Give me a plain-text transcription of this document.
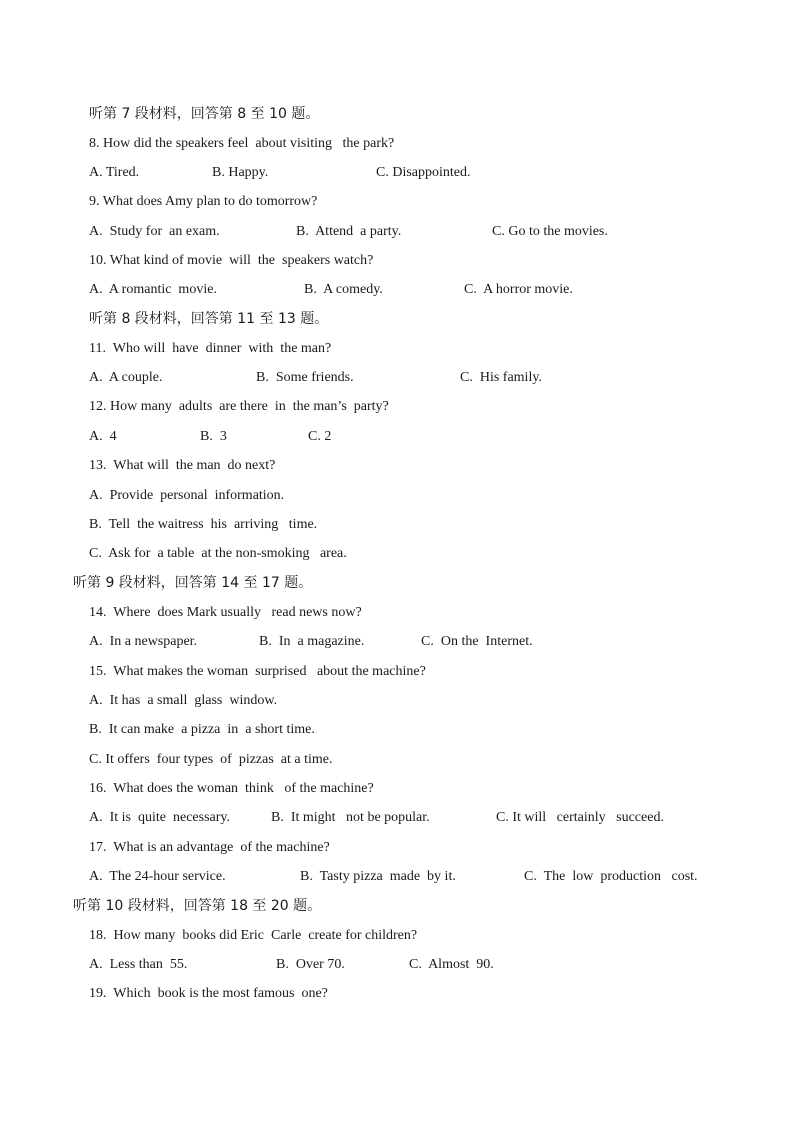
听第 7 段材料，回答第 8 至 10 题。
8. How did the speakers feel  about visiting   the park?
A. Tired.	B. Happy.	C. Disappointed.
9. What does Amy plan to do tomorrow?
A.  Study for  an exam.	B.  Attend  a party.	C. Go to the movies.
10. What kind of movie  will  the  speakers watch?
A.  A romantic  movie.	B.  A comedy.	C.  A horror movie.
听第 8 段材料，回答第 11 至 13 题。
11.  Who will  have  dinner  with  the man?
A.  A couple.	B.  Some friends.	C.  His family.
12. How many  adults  are there  in  the man’s  party?
A.  4	B.  3	C. 2
13.  What will  the man  do next?
A.  Provide  personal  information.
B.  Tell  the waitress  his  arriving   time.
C.  Ask for  a table  at the non-smoking   area.
听第 9 段材料，回答第 14 至 17 题。
14.  Where  does Mark usually   read news now?
A.  In a newspaper.	B.  In  a magazine.	C.  On the  Internet.
15.  What makes the woman  surprised   about the machine?
A.  It has  a small  glass  window.
B.  It can make  a pizza  in  a short time.
C. It offers  four types  of  pizzas  at a time.
16.  What does the woman  think   of the machine?
A.  It is  quite  necessary.	B.  It might   not be popular.	C. It will   certainly   succeed.
17.  What is an advantage  of the machine?
A.  The 24-hour service.	B.  Tasty pizza  made  by it.	C.  The  low  production   cost.
听第 10 段材料，回答第 18 至 20 题。
18.  How many  books did Eric  Carle  create for children?
A.  Less than  55.	B.  Over 70.	C.  Almost  90.
19.  Which  book is the most famous  one?
